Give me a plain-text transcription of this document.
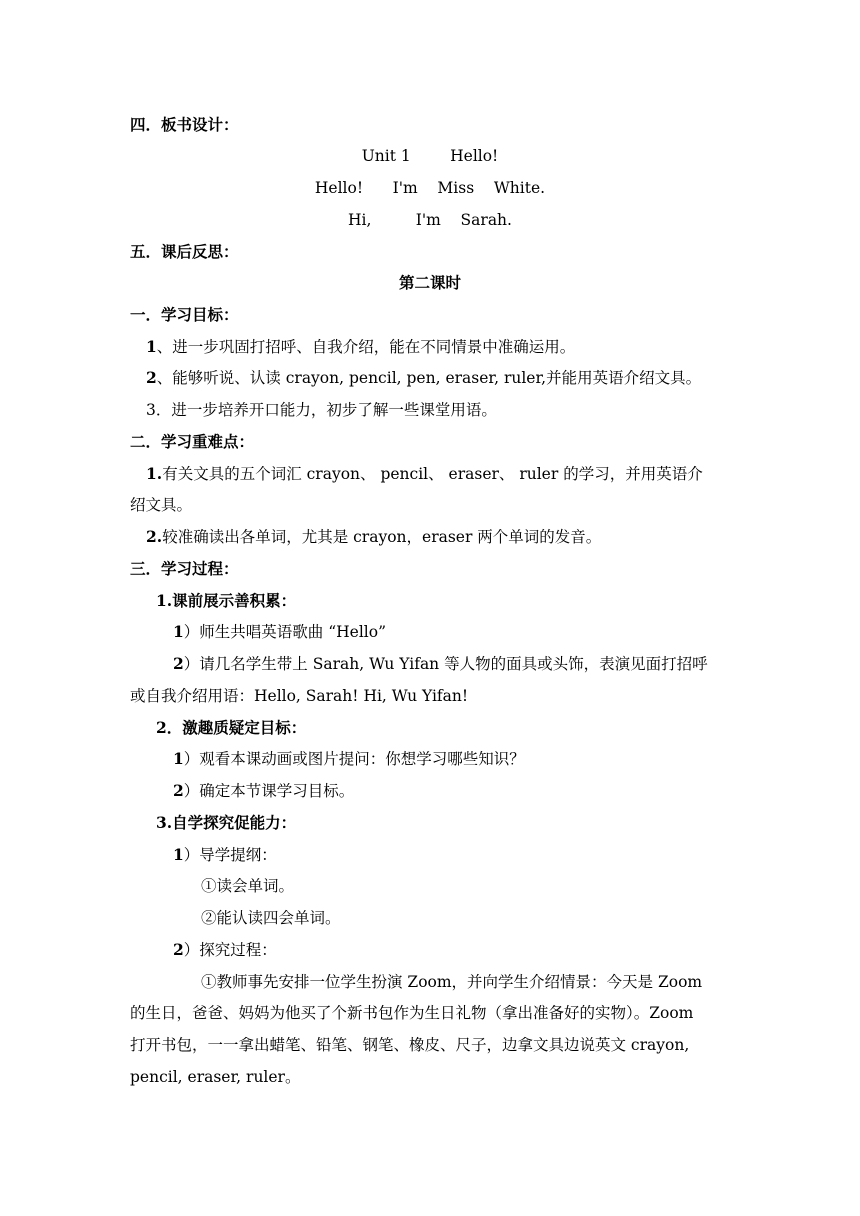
四．板书设计：
Unit 1        Hello!
Hello!      I'm    Miss    White.
Hi,         I'm    Sarah.
五．课后反思：
第二课时
一．学习目标：
1、进一步巩固打招呼、自我介绍，能在不同情景中准确运用。
2、能够听说、认读 crayon, pencil, pen, eraser, ruler,并能用英语介绍文具。
3．进一步培养开口能力，初步了解一些课堂用语。
二．学习重难点：
1.有关文具的五个词汇 crayon、 pencil、 eraser、 ruler 的学习，并用英语介
绍文具。
2.较准确读出各单词，尤其是 crayon，eraser 两个单词的发音。
三．学习过程：
1.课前展示善积累：
1）师生共唱英语歌曲 “Hello”
2）请几名学生带上 Sarah, Wu Yifan 等人物的面具或头饰，表演见面打招呼
或自我介绍用语：Hello, Sarah! Hi, Wu Yifan!
2．激趣质疑定目标：
1）观看本课动画或图片提问：你想学习哪些知识？
2）确定本节课学习目标。
3.自学探究促能力：
1）导学提纲：
①读会单词。
②能认读四会单词。
2）探究过程：
①教师事先安排一位学生扮演 Zoom，并向学生介绍情景：今天是 Zoom
的生日，爸爸、妈妈为他买了个新书包作为生日礼物（拿出准备好的实物）。Zoom
打开书包，一一拿出蜡笔、铅笔、钢笔、橡皮、尺子，边拿文具边说英文 crayon,
pencil, eraser, ruler。
